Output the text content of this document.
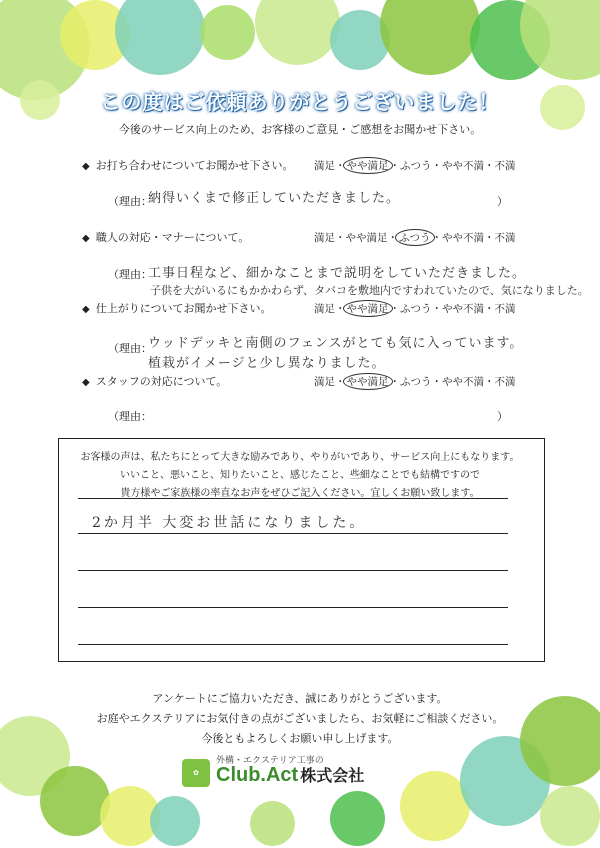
この度はご依頼ありがとうございました！
今後のサービス向上のため、お客様のご意見・ご感想をお聞かせ下さい。
◆ お打ち合わせについてお聞かせ下さい。 満足・やや満足・ふつう・やや不満・不満
（理由：	）
納得いくまで修正していただきました。
◆ 職人の対応・マナーについて。	満足・やや満足・ふつう・やや不満・不満
（理由：
工事日程など、細かなことまで説明をしていただきました。
子供を大がいるにもかかわらず、タバコを敷地内ですわれていたので、気になりました。
◆ 仕上がりについてお聞かせ下さい。	満足・やや満足・ふつう・やや不満・不満
（理由：
ウッドデッキと南側のフェンスがとても気に入っています。
植栽がイメージと少し異なりました。
◆ スタッフの対応について。	満足・やや満足・ふつう・やや不満・不満
（理由：	）
お客様の声は、私たちにとって大きな励みであり、やりがいであり、サービス向上にもなります。
いいこと、悪いこと、知りたいこと、感じたこと、些細なことでも結構ですので
貴方様やご家族様の率直なお声をぜひご記入ください。宜しくお願い致します。
2か月半 大変お世話になりました。
アンケートにご協力いただき、誠にありがとうございます。
お庭やエクステリアにお気付きの点がございましたら、お気軽にご相談ください。
今後ともよろしくお願い申し上げます。
✿
外構・エクステリア工事の
Club.Act 株式会社
